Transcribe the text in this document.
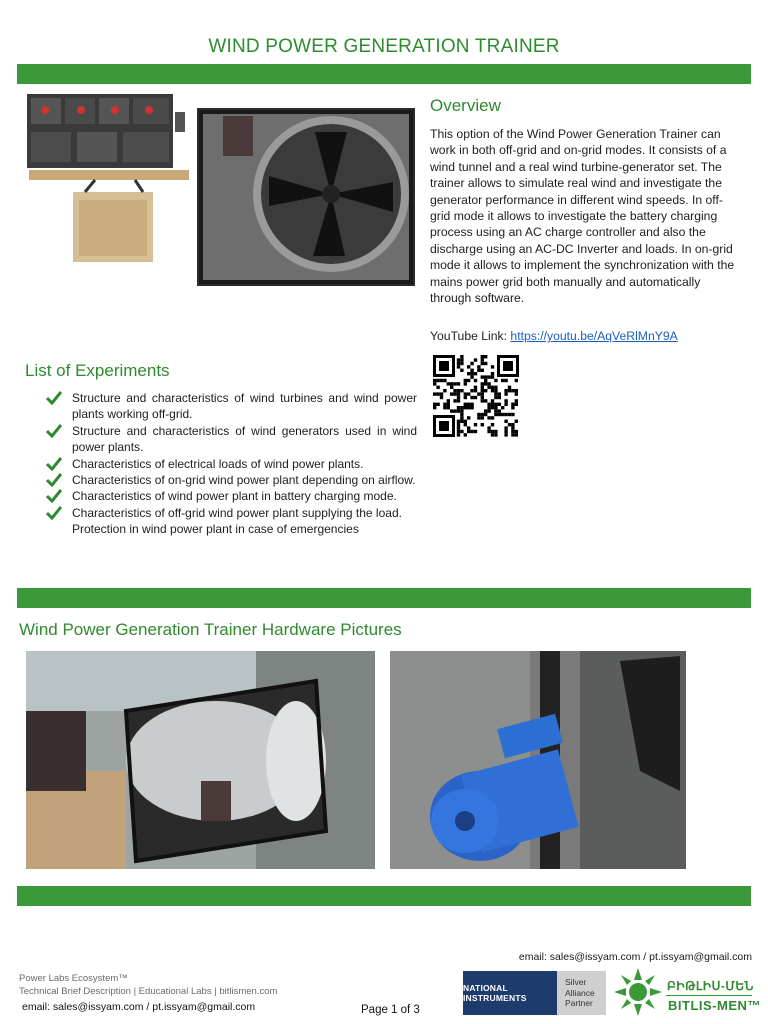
WIND POWER GENERATION TRAINER
Overview
This option of the Wind Power Generation Trainer can work in both off-grid and on-grid modes. It consists of a wind tunnel and a real wind turbine-generator set. The trainer allows to simulate real wind and investigate the generator performance in different wind speeds. In off-grid mode it allows to investigate the battery charging process using an AC charge controller and also the discharge using an AC-DC Inverter and loads. In on-grid mode it allows to implement the synchronization with the mains power grid both manually and automatically through software.
YouTube Link: https://youtu.be/AqVeRlMnY9A
List of Experiments
Structure and characteristics of wind turbines and wind power plants working off-grid.
Structure and characteristics of wind generators used in wind power plants.
Characteristics of electrical loads of wind power plants.
Characteristics of on-grid wind power plant depending on airflow.
Characteristics of wind power plant in battery charging mode.
Characteristics of off-grid wind power plant supplying the load.
Protection in wind power plant in case of emergencies
Wind Power Generation Trainer Hardware Pictures
email: sales@issyam.com / pt.issyam@gmail.com
Power Labs Ecosystem™
Technical Brief Description | Educational Labs | bitlismen.com
email: sales@issyam.com / pt.issyam@gmail.com	Page 1 of 3
NATIONAL INSTRUMENTS
Silver
Alliance
Partner
ԲԻԹԼԻՍ-ՄԵՆ
BITLIS-MEN™
